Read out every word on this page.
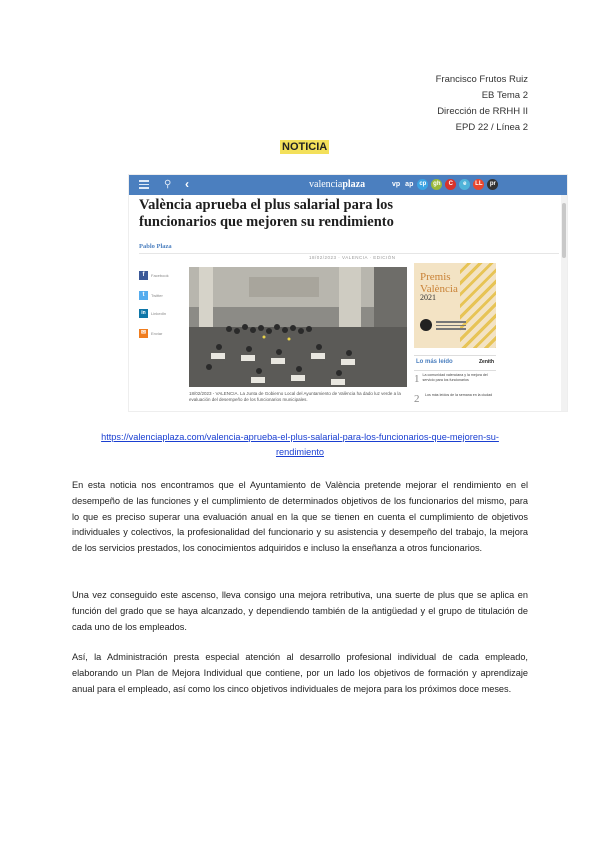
Francisco Frutos Ruiz
EB Tema 2
Dirección de RRHH II
EPD 22 / Línea 2
NOTICIA
⚲ ‹	valenciaplaza	vp ap cp	gh	C	e	LL	pr
València aprueba el plus salarial para los funcionarios que mejoren su rendimiento
Pablo Plaza
18/02/2023 · VALENCIA · EDICIÓN
f	Facebook
t	Twitter
in	LinkedIn
✉	Enviar
18/02/2023 - VALENCIA. La Junta de Gobierno Local del Ayuntamiento de València ha dado luz verde a la evaluación del desempeño de los funcionarios municipales.
Premis
València
2021
Lo más leído	Zenith
1 La comunidad valenciana y la mejora del servicio para los funcionarios
2	Los más leídos de la semana en la ciudad
https://valenciaplaza.com/valencia-aprueba-el-plus-salarial-para-los-funcionarios-que-mejoren-su-rendimiento
En esta noticia nos encontramos que el Ayuntamiento de València pretende mejorar el rendimiento en el desempeño de las funciones y el cumplimiento de determinados objetivos de los funcionarios del mismo, para lo que es preciso superar una evaluación anual en la que se tienen en cuenta el cumplimiento de objetivos individuales y colectivos, la profesionalidad del funcionario y su asistencia y desempeño del trabajo, la mejora de los servicios prestados, los conocimientos adquiridos e incluso la enseñanza a otros funcionarios.
Una vez conseguido este ascenso, lleva consigo una mejora retributiva, una suerte de plus que se aplica en función del grado que se haya alcanzado, y dependiendo también de la antigüedad y el grupo de titulación de cada uno de los empleados.
Así, la Administración presta especial atención al desarrollo profesional individual de cada empleado, elaborando un Plan de Mejora Individual que contiene, por un lado los objetivos de formación y aprendizaje anual para el empleado, así como los cinco objetivos individuales de mejora para los próximos doce meses.
